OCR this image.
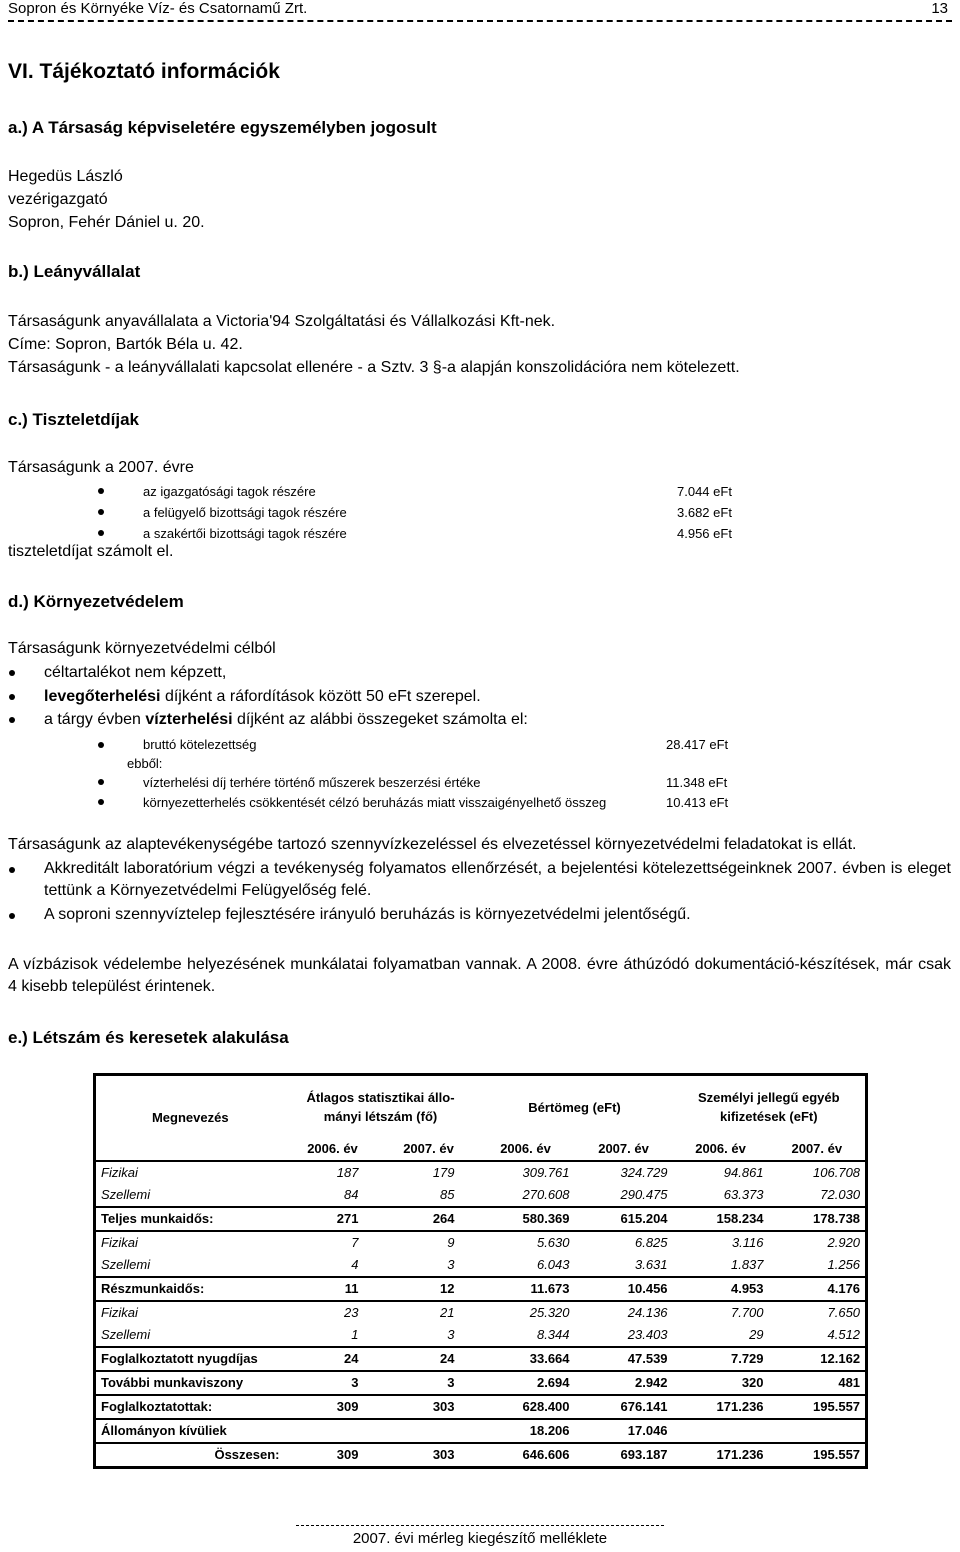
Sopron és Környéke Víz- és Csatornamű Zrt.	13
VI. Tájékoztató információk
a.) A Társaság képviseletére egyszemélyben jogosult
Hegedüs László
vezérigazgató
Sopron, Fehér Dániel u. 20.
b.) Leányvállalat
Társaságunk anyavállalata a Victoria'94 Szolgáltatási és Vállalkozási Kft-nek.
Címe: Sopron, Bartók Béla u. 42.
Társaságunk - a leányvállalati kapcsolat ellenére - a Sztv. 3 §-a alapján konszolidációra nem kötelezett.
c.) Tiszteletdíjak
Társaságunk a 2007. évre
az igazgatósági tagok részére	7.044 eFt
a felügyelő bizottsági tagok részére	3.682 eFt
a szakértői bizottsági tagok részére	4.956 eFt
tiszteletdíjat számolt el.
d.) Környezetvédelem
Társaságunk környezetvédelmi célból
céltartalékot nem képzett,
levegőterhelési díjként a ráfordítások között 50 eFt szerepel.
a tárgy évben vízterhelési díjként az alábbi összegeket számolta el:
bruttó kötelezettség	28.417 eFt
ebből:
vízterhelési díj terhére történő műszerek beszerzési értéke	11.348 eFt
környezetterhelés csökkentését célzó beruházás miatt visszaigényelhető összeg	10.413 eFt
Társaságunk az alaptevékenységébe tartozó szennyvízkezeléssel és elvezetéssel környezetvédelmi feladatokat is ellát.
Akkreditált laboratórium végzi a tevékenység folyamatos ellenőrzését, a bejelentési kötelezettségeinknek 2007. évben is eleget tettünk a Környezetvédelmi Felügyelőség felé.
A soproni szennyvíztelep fejlesztésére irányuló beruházás is környezetvédelmi jelentőségű.
A vízbázisok védelembe helyezésének munkálatai folyamatban vannak. A 2008. évre áthúzódó dokumentáció-készítések, már csak 4 kisebb települést érintenek.
e.) Létszám és keresetek alakulása
Megnevezés	Átlagos statisztikai állo-mányi létszám (fő)		Bértömeg (eFt)		Személyi jellegű egyéb kifizetések (eFt)	
	2006. év	2007. év	2006. év	2007. év	2006. év	2007. év
Fizikai	187	179	309.761	324.729	94.861	106.708
Szellemi	84	85	270.608	290.475	63.373	72.030
Teljes munkaidős:	271	264	580.369	615.204	158.234	178.738
Fizikai	7	9	5.630	6.825	3.116	2.920
Szellemi	4	3	6.043	3.631	1.837	1.256
Részmunkaidős:	11	12	11.673	10.456	4.953	4.176
Fizikai	23	21	25.320	24.136	7.700	7.650
Szellemi	1	3	8.344	23.403	29	4.512
Foglalkoztatott nyugdíjas	24	24	33.664	47.539	7.729	12.162
További munkaviszony	3	3	2.694	2.942	320	481
Foglalkoztatottak:	309	303	628.400	676.141	171.236	195.557
Állományon kívüliek			18.206	17.046		
Összesen:	309	303	646.606	693.187	171.236	195.557
2007. évi mérleg kiegészítő melléklete
